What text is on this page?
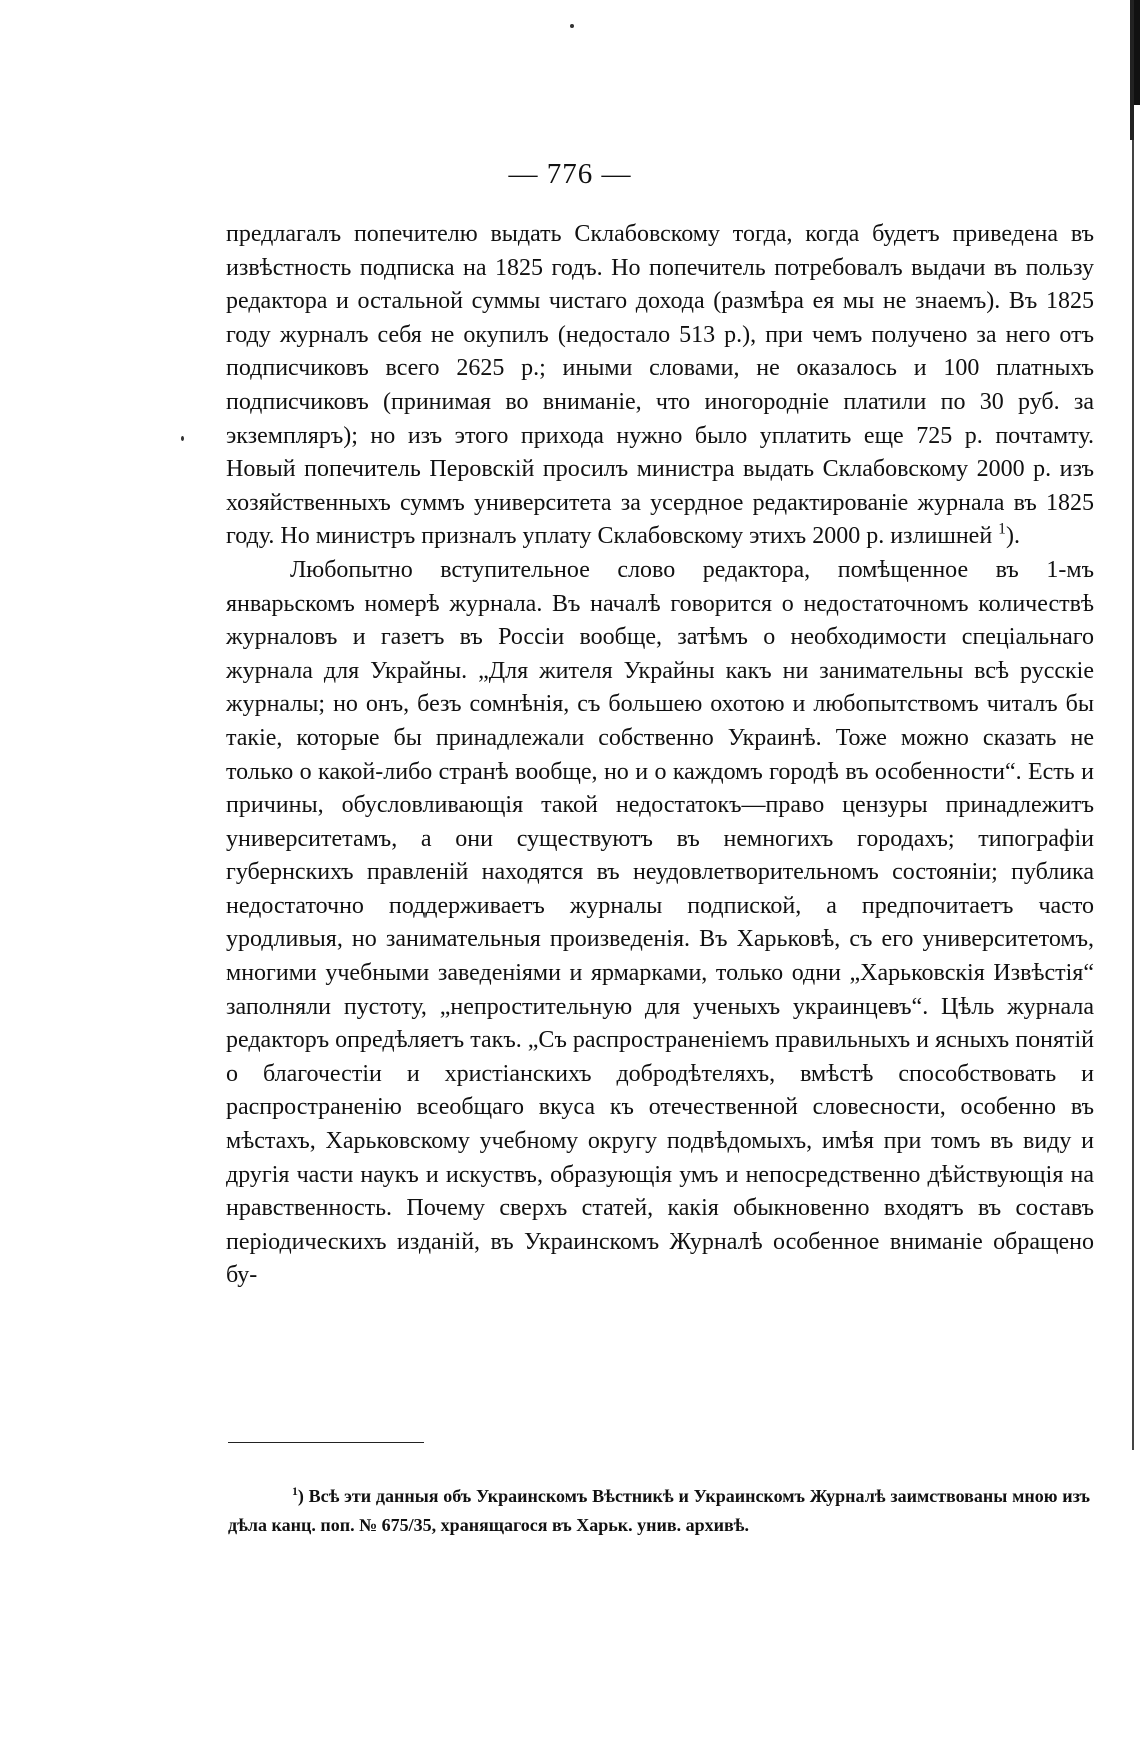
— 776 —

предлагалъ попечителю выдать Склабовскому тогда, когда будетъ приведена въ извѣстность подписка на 1825 годъ. Но попечитель потребовалъ выдачи въ пользу редактора и остальной суммы чистаго дохода (размѣра ея мы не знаемъ). Въ 1825 году журналъ себя не окупилъ (недостало 513 р.), при чемъ получено за него отъ подписчиковъ всего 2625 р.; иными словами, не оказалось и 100 платныхъ подписчиковъ (принимая во вниманіе, что иногородніе платили по 30 руб. за экземпляръ); но изъ этого прихода нужно было уплатить еще 725 р. почтамту. Новый попечитель Перовскій просилъ министра выдать Склабовскому 2000 р. изъ хозяйственныхъ суммъ университета за усердное редактированіе журнала въ 1825 году. Но министръ призналъ уплату Склабовскому этихъ 2000 р. излишней $^1$).

Любопытно вступительное слово редактора, помѣщенное въ 1-мъ январьскомъ номерѣ журнала. Въ началѣ говорится о недостаточномъ количествѣ журналовъ и газетъ въ Россіи вообще, затѣмъ о необходимости спеціальнаго журнала для Украйны. „Для жителя Украйны какъ ни занимательны всѣ русскіе журналы; но онъ, безъ сомнѣнія, съ большею охотою и любопытствомъ читалъ бы такіе, которые бы принадлежали собственно Украинѣ. Тоже можно сказать не только о какой-либо странѣ вообще, но и о каждомъ городѣ въ особенности“. Есть и причины, обусловливающія такой недостатокъ—право цензуры принадлежитъ университетамъ, а они существуютъ въ немногихъ городахъ; типографіи губернскихъ правленій находятся въ неудовлетворительномъ состояніи; публика недостаточно поддерживаетъ журналы подпиской, а предпочитаетъ часто уродливыя, но занимательныя произведенія. Въ Харьковѣ, съ его университетомъ, многими учебными заведеніями и ярмарками, только одни „Харьковскія Извѣстія“ заполняли пустоту, „непростительную для ученыхъ украинцевъ“. Цѣль журнала редакторъ опредѣляетъ такъ. „Съ распространеніемъ правильныхъ и ясныхъ понятій о благочестіи и христіанскихъ добродѣтеляхъ, вмѣстѣ способствовать и распространенію всеобщаго вкуса къ отечественной словесности, особенно въ мѣстахъ, Харьковскому учебному округу подвѣдомыхъ, имѣя при томъ въ виду и другія части наукъ и искуствъ, образующія умъ и непосредственно дѣйствующія на нравственность. Почему сверхъ статей, какія обыкновенно входятъ въ составъ періодическихъ изданій, въ Украинскомъ Журналѣ особенное вниманіе обращено бу-

$^1$) Всѣ эти данныя объ Украинскомъ Вѣстникѣ и Украинскомъ Журналѣ заимствованы мною изъ дѣла канц. поп. № 675/35, хранящагося въ Харьк. унив. архивѣ.
